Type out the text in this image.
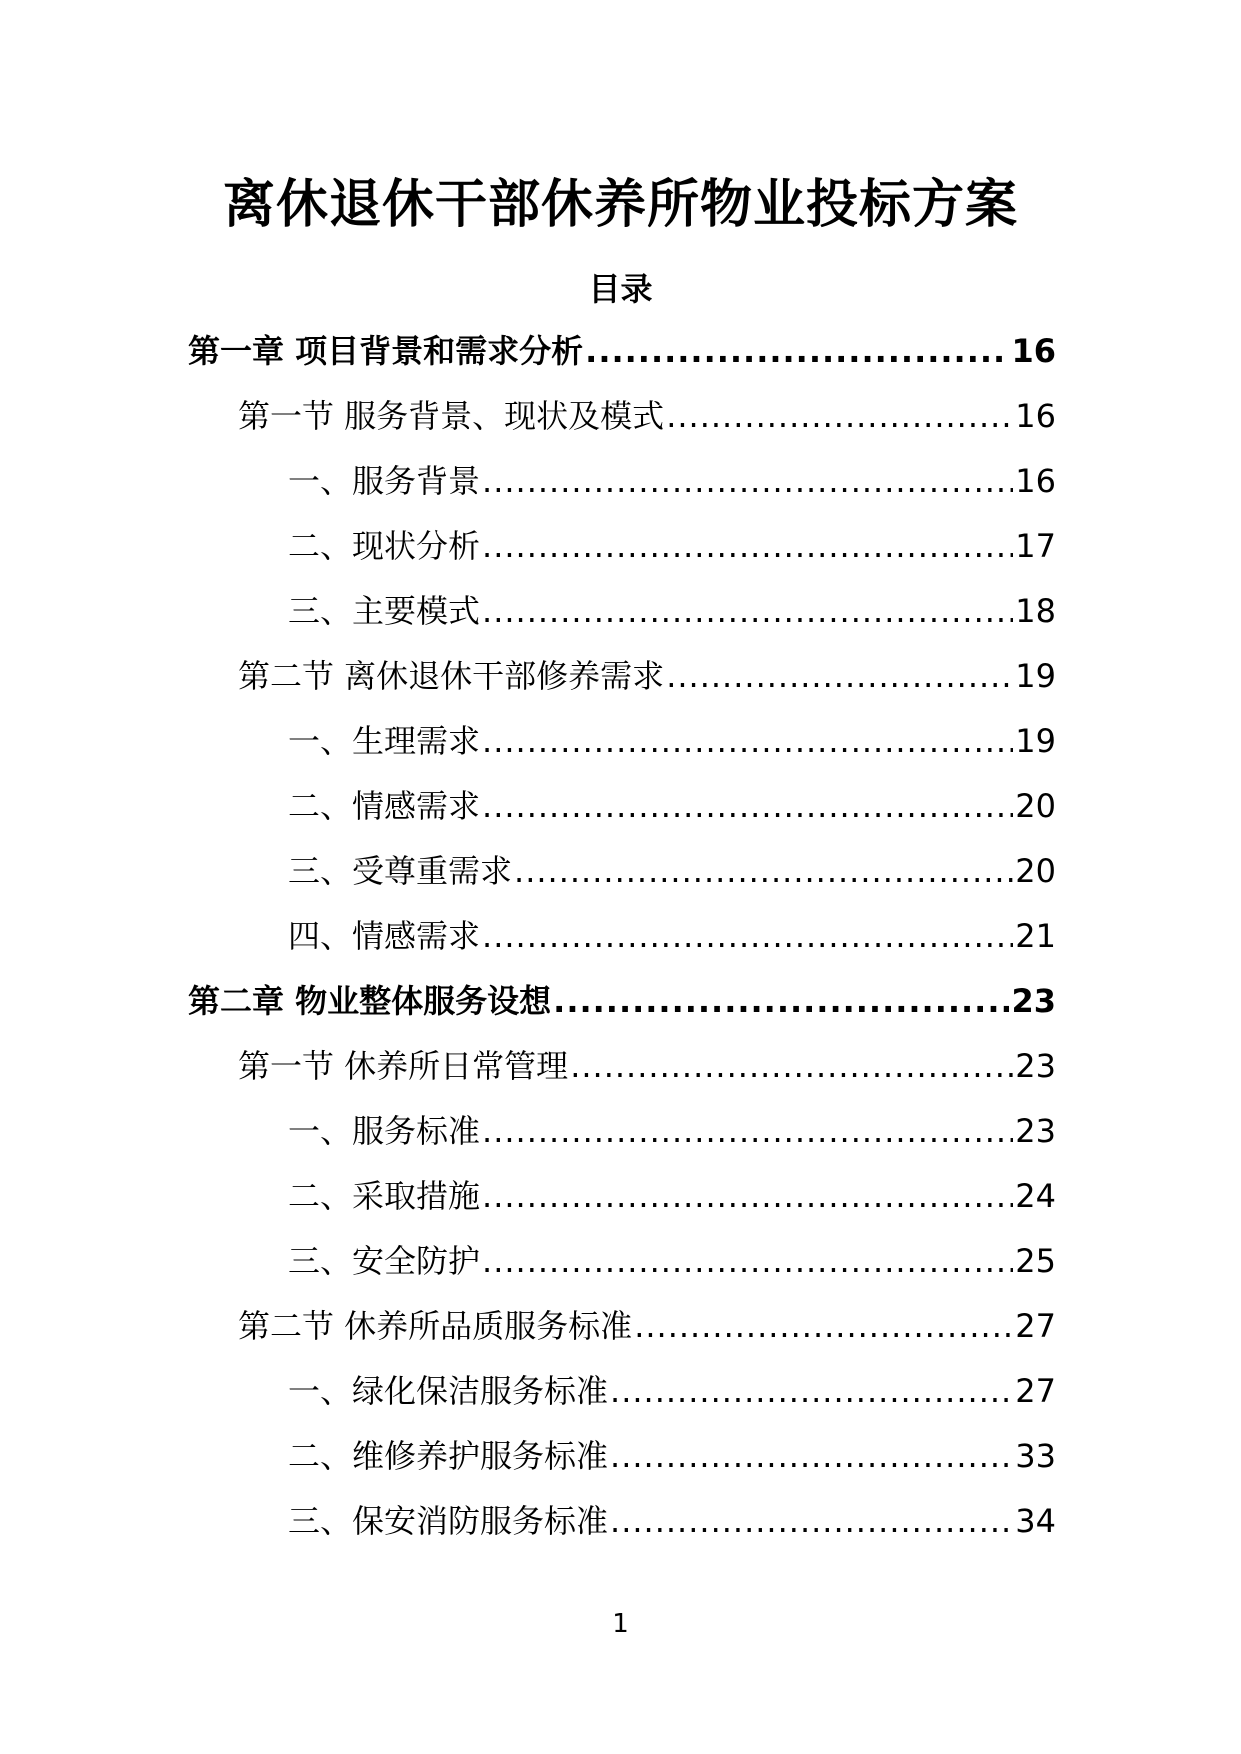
离休退休干部休养所物业投标方案
目录
第一章 项目背景和需求分析 .....	16
第一节 服务背景、现状及模式 .....	16
一、服务背景 .....	16
二、现状分析 .....	17
三、主要模式 .....	18
第二节 离休退休干部修养需求 .....	19
一、生理需求 .....	19
二、情感需求 .....	20
三、受尊重需求 .....	20
四、情感需求 .....	21
第二章 物业整体服务设想 .....	23
第一节 休养所日常管理 .....	23
一、服务标准 .....	23
二、采取措施 .....	24
三、安全防护 .....	25
第二节 休养所品质服务标准 .....	27
一、绿化保洁服务标准 .....	27
二、维修养护服务标准 .....	33
三、保安消防服务标准 .....	34
1
